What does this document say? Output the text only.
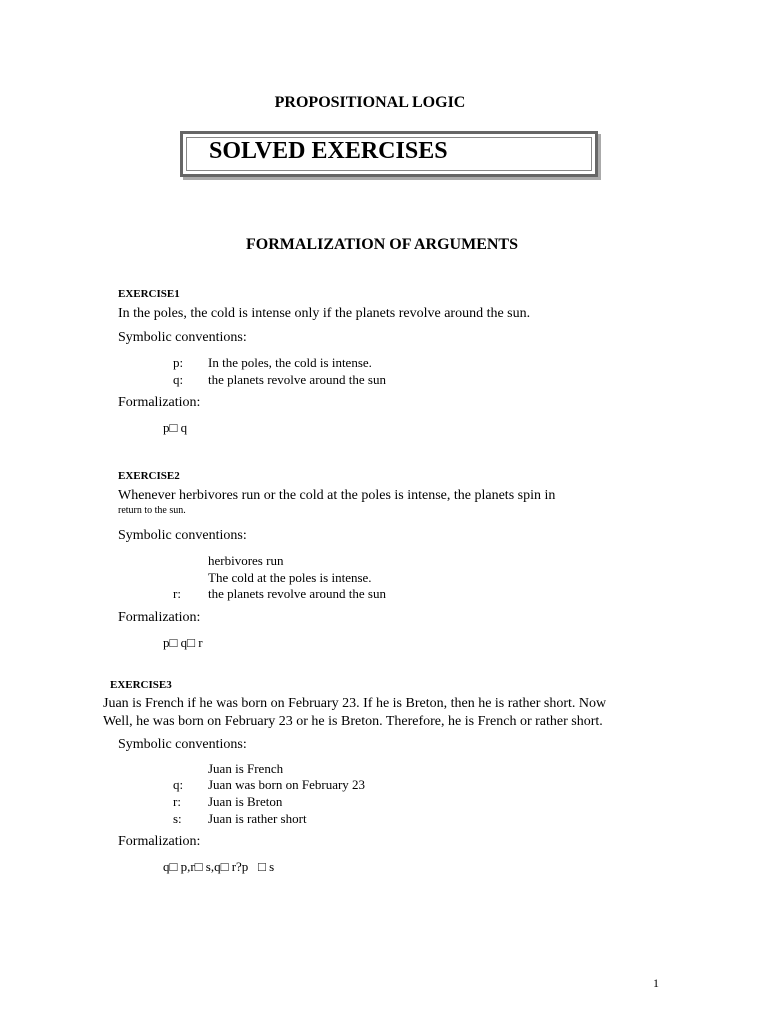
PROPOSITIONAL LOGIC
SOLVED EXERCISES
FORMALIZATION OF ARGUMENTS
EXERCISE1
In the poles, the cold is intense only if the planets revolve around the sun.
Symbolic conventions:
p: In the poles, the cold is intense.
q: the planets revolve around the sun
Formalization:
p□ q
EXERCISE2
Whenever herbivores run or the cold at the poles is intense, the planets spin in
return to the sun.
Symbolic conventions:
herbivores run
The cold at the poles is intense.
r: the planets revolve around the sun
Formalization:
p□ q□ r
EXERCISE3
Juan is French if he was born on February 23. If he is Breton, then he is rather short. Now
Well, he was born on February 23 or he is Breton. Therefore, he is French or rather short.
Symbolic conventions:
Juan is French
q: Juan was born on February 23
r: Juan is Breton
s: Juan is rather short
Formalization:
q□ p,r□ s,q□ r?p   □ s
1
